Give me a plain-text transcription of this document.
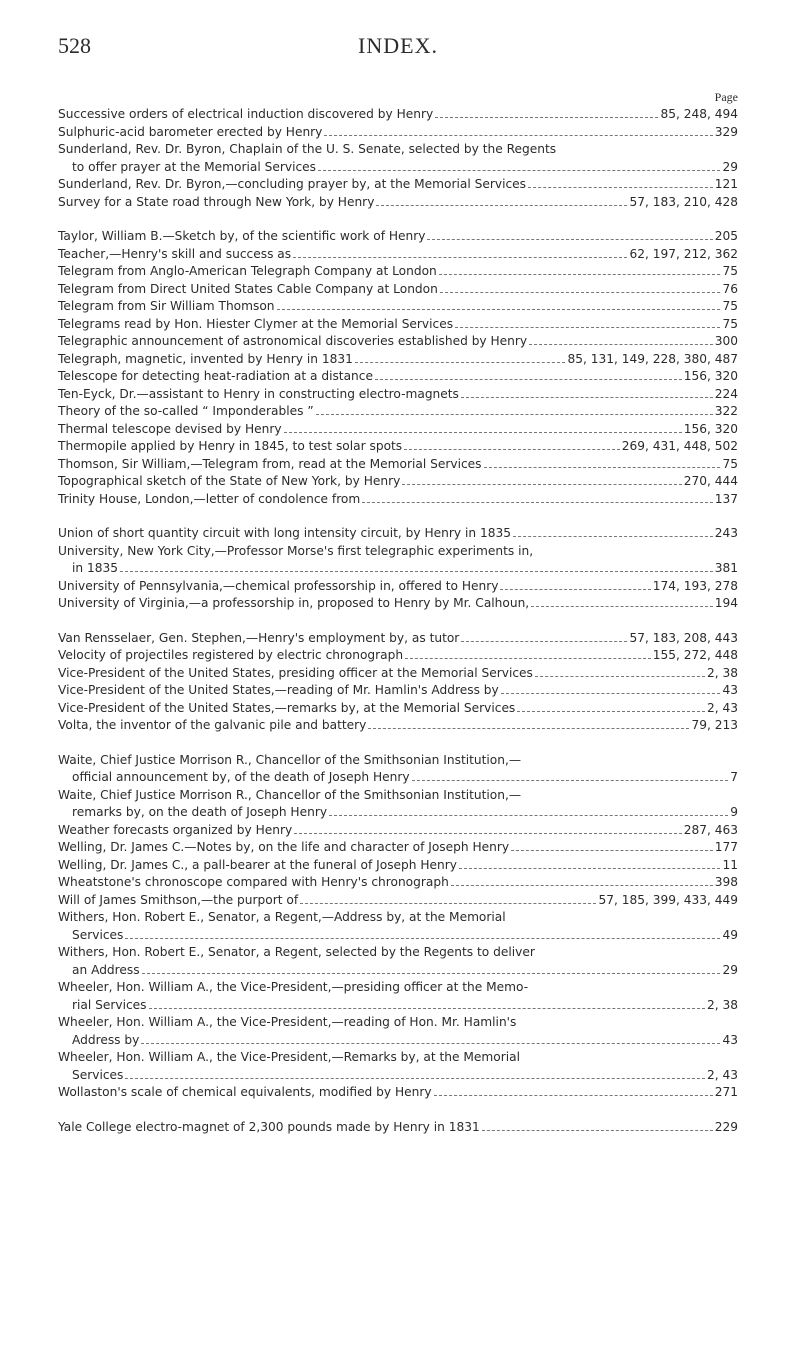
528	INDEX.
Page
Successive orders of electrical induction discovered by Henry	85, 248, 494
Sulphuric-acid barometer erected by Henry	329
Sunderland, Rev. Dr. Byron, Chaplain of the U. S. Senate, selected by the Regents
to offer prayer at the Memorial Services	29
Sunderland, Rev. Dr. Byron,—concluding prayer by, at the Memorial Services	121
Survey for a State road through New York, by Henry	57, 183, 210, 428
Taylor, William B.—Sketch by, of the scientific work of Henry	205
Teacher,—Henry's skill and success as	62, 197, 212, 362
Telegram from Anglo-American Telegraph Company at London	75
Telegram from Direct United States Cable Company at London	76
Telegram from Sir William Thomson	75
Telegrams read by Hon. Hiester Clymer at the Memorial Services	75
Telegraphic announcement of astronomical discoveries established by Henry	300
Telegraph, magnetic, invented by Henry in 1831	85, 131, 149, 228, 380, 487
Telescope for detecting heat-radiation at a distance	156, 320
Ten-Eyck, Dr.—assistant to Henry in constructing electro-magnets	224
Theory of the so-called “ Imponderables ”	322
Thermal telescope devised by Henry	156, 320
Thermopile applied by Henry in 1845, to test solar spots	269, 431, 448, 502
Thomson, Sir William,—Telegram from, read at the Memorial Services	75
Topographical sketch of the State of New York, by Henry	270, 444
Trinity House, London,—letter of condolence from	137
Union of short quantity circuit with long intensity circuit, by Henry in 1835	243
University, New York City,—Professor Morse's first telegraphic experiments in,
in 1835	381
University of Pennsylvania,—chemical professorship in, offered to Henry	174, 193, 278
University of Virginia,—a professorship in, proposed to Henry by Mr. Calhoun,	194
Van Rensselaer, Gen. Stephen,—Henry's employment by, as tutor	57, 183, 208, 443
Velocity of projectiles registered by electric chronograph	155, 272, 448
Vice-President of the United States, presiding officer at the Memorial Services	2, 38
Vice-President of the United States,—reading of Mr. Hamlin's Address by	43
Vice-President of the United States,—remarks by, at the Memorial Services	2, 43
Volta, the inventor of the galvanic pile and battery	79, 213
Waite, Chief Justice Morrison R., Chancellor of the Smithsonian Institution,—
official announcement by, of the death of Joseph Henry	7
Waite, Chief Justice Morrison R., Chancellor of the Smithsonian Institution,—
remarks by, on the death of Joseph Henry	9
Weather forecasts organized by Henry	287, 463
Welling, Dr. James C.—Notes by, on the life and character of Joseph Henry	177
Welling, Dr. James C., a pall-bearer at the funeral of Joseph Henry	11
Wheatstone's chronoscope compared with Henry's chronograph	398
Will of James Smithson,—the purport of	57, 185, 399, 433, 449
Withers, Hon. Robert E., Senator, a Regent,—Address by, at the Memorial
Services	49
Withers, Hon. Robert E., Senator, a Regent, selected by the Regents to deliver
an Address	29
Wheeler, Hon. William A., the Vice-President,—presiding officer at the Memo-
rial Services	2, 38
Wheeler, Hon. William A., the Vice-President,—reading of Hon. Mr. Hamlin's
Address by	43
Wheeler, Hon. William A., the Vice-President,—Remarks by, at the Memorial
Services	2, 43
Wollaston's scale of chemical equivalents, modified by Henry	271
Yale College electro-magnet of 2,300 pounds made by Henry in 1831	229
